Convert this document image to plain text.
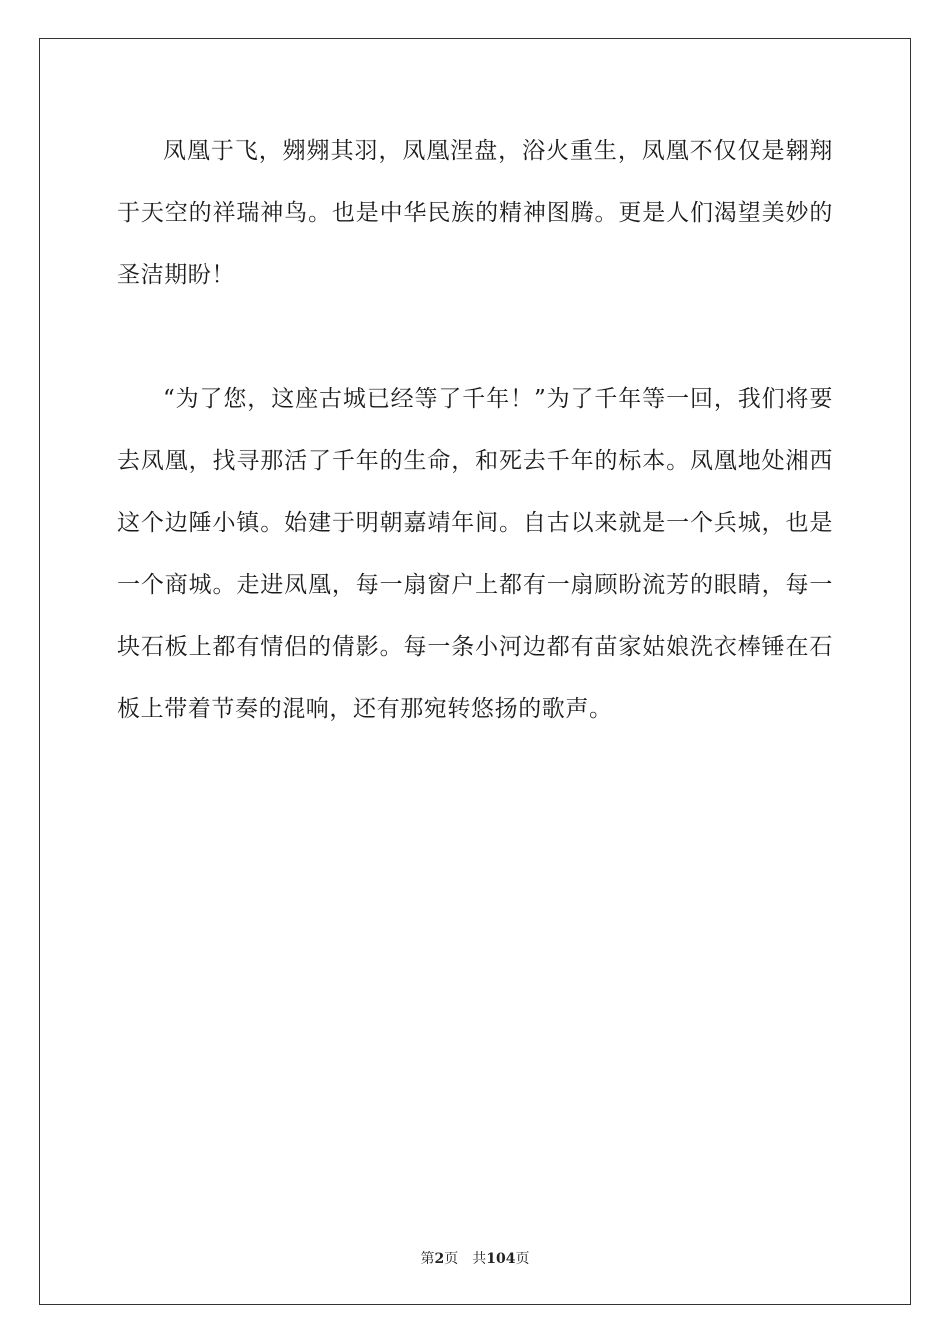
凤凰于飞，翙翙其羽，凤凰涅盘，浴火重生，凤凰不仅仅是翱翔于天空的祥瑞神鸟。也是中华民族的精神图腾。更是人们渴望美妙的圣洁期盼！

“为了您，这座古城已经等了千年！”为了千年等一回，我们将要去凤凰，找寻那活了千年的生命，和死去千年的标本。凤凰地处湘西这个边陲小镇。始建于明朝嘉靖年间。自古以来就是一个兵城，也是一个商城。走进凤凰，每一扇窗户上都有一扇顾盼流芳的眼睛，每一块石板上都有情侣的倩影。每一条小河边都有苗家姑娘洗衣棒锤在石板上带着节奏的混响，还有那宛转悠扬的歌声。

第2页 共104页
